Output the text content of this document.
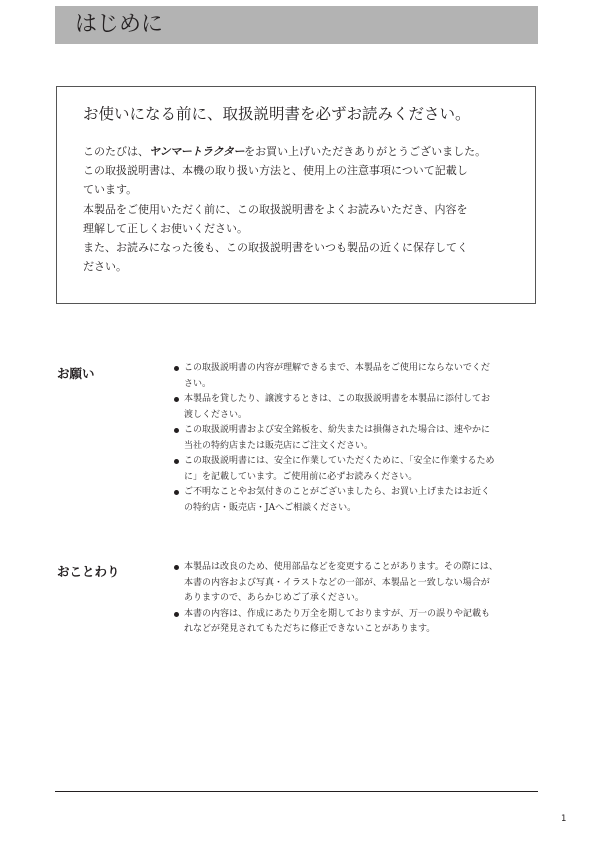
はじめに
お使いになる前に、取扱説明書を必ずお読みください。
このたびは、ヤンマートラクターをお買い上げいただきありがとうございました。
この取扱説明書は、本機の取り扱い方法と、使用上の注意事項について記載し
ています。
本製品をご使用いただく前に、この取扱説明書をよくお読みいただき、内容を
理解して正しくお使いください。
また、お読みになった後も、この取扱説明書をいつも製品の近くに保存してく
ださい。
お願い	この取扱説明書の内容が理解できるまで、本製品をご使用にならないでくだ
さい。
本製品を貸したり、譲渡するときは、この取扱説明書を本製品に添付してお
渡しください。
この取扱説明書および安全銘板を、紛失または損傷された場合は、速やかに
当社の特約店または販売店にご注文ください。
この取扱説明書には、安全に作業していただくために、「安全に作業するため
に」を記載しています。ご使用前に必ずお読みください。
ご不明なことやお気付きのことがございましたら、お買い上げまたはお近く
の特約店・販売店・JAへご相談ください。
おことわり	本製品は改良のため、使用部品などを変更することがあります。その際には、
本書の内容および写真・イラストなどの一部が、本製品と一致しない場合が
ありますので、あらかじめご了承ください。
本書の内容は、作成にあたり万全を期しておりますが、万一の誤りや記載も
れなどが発見されてもただちに修正できないことがあります。
1
